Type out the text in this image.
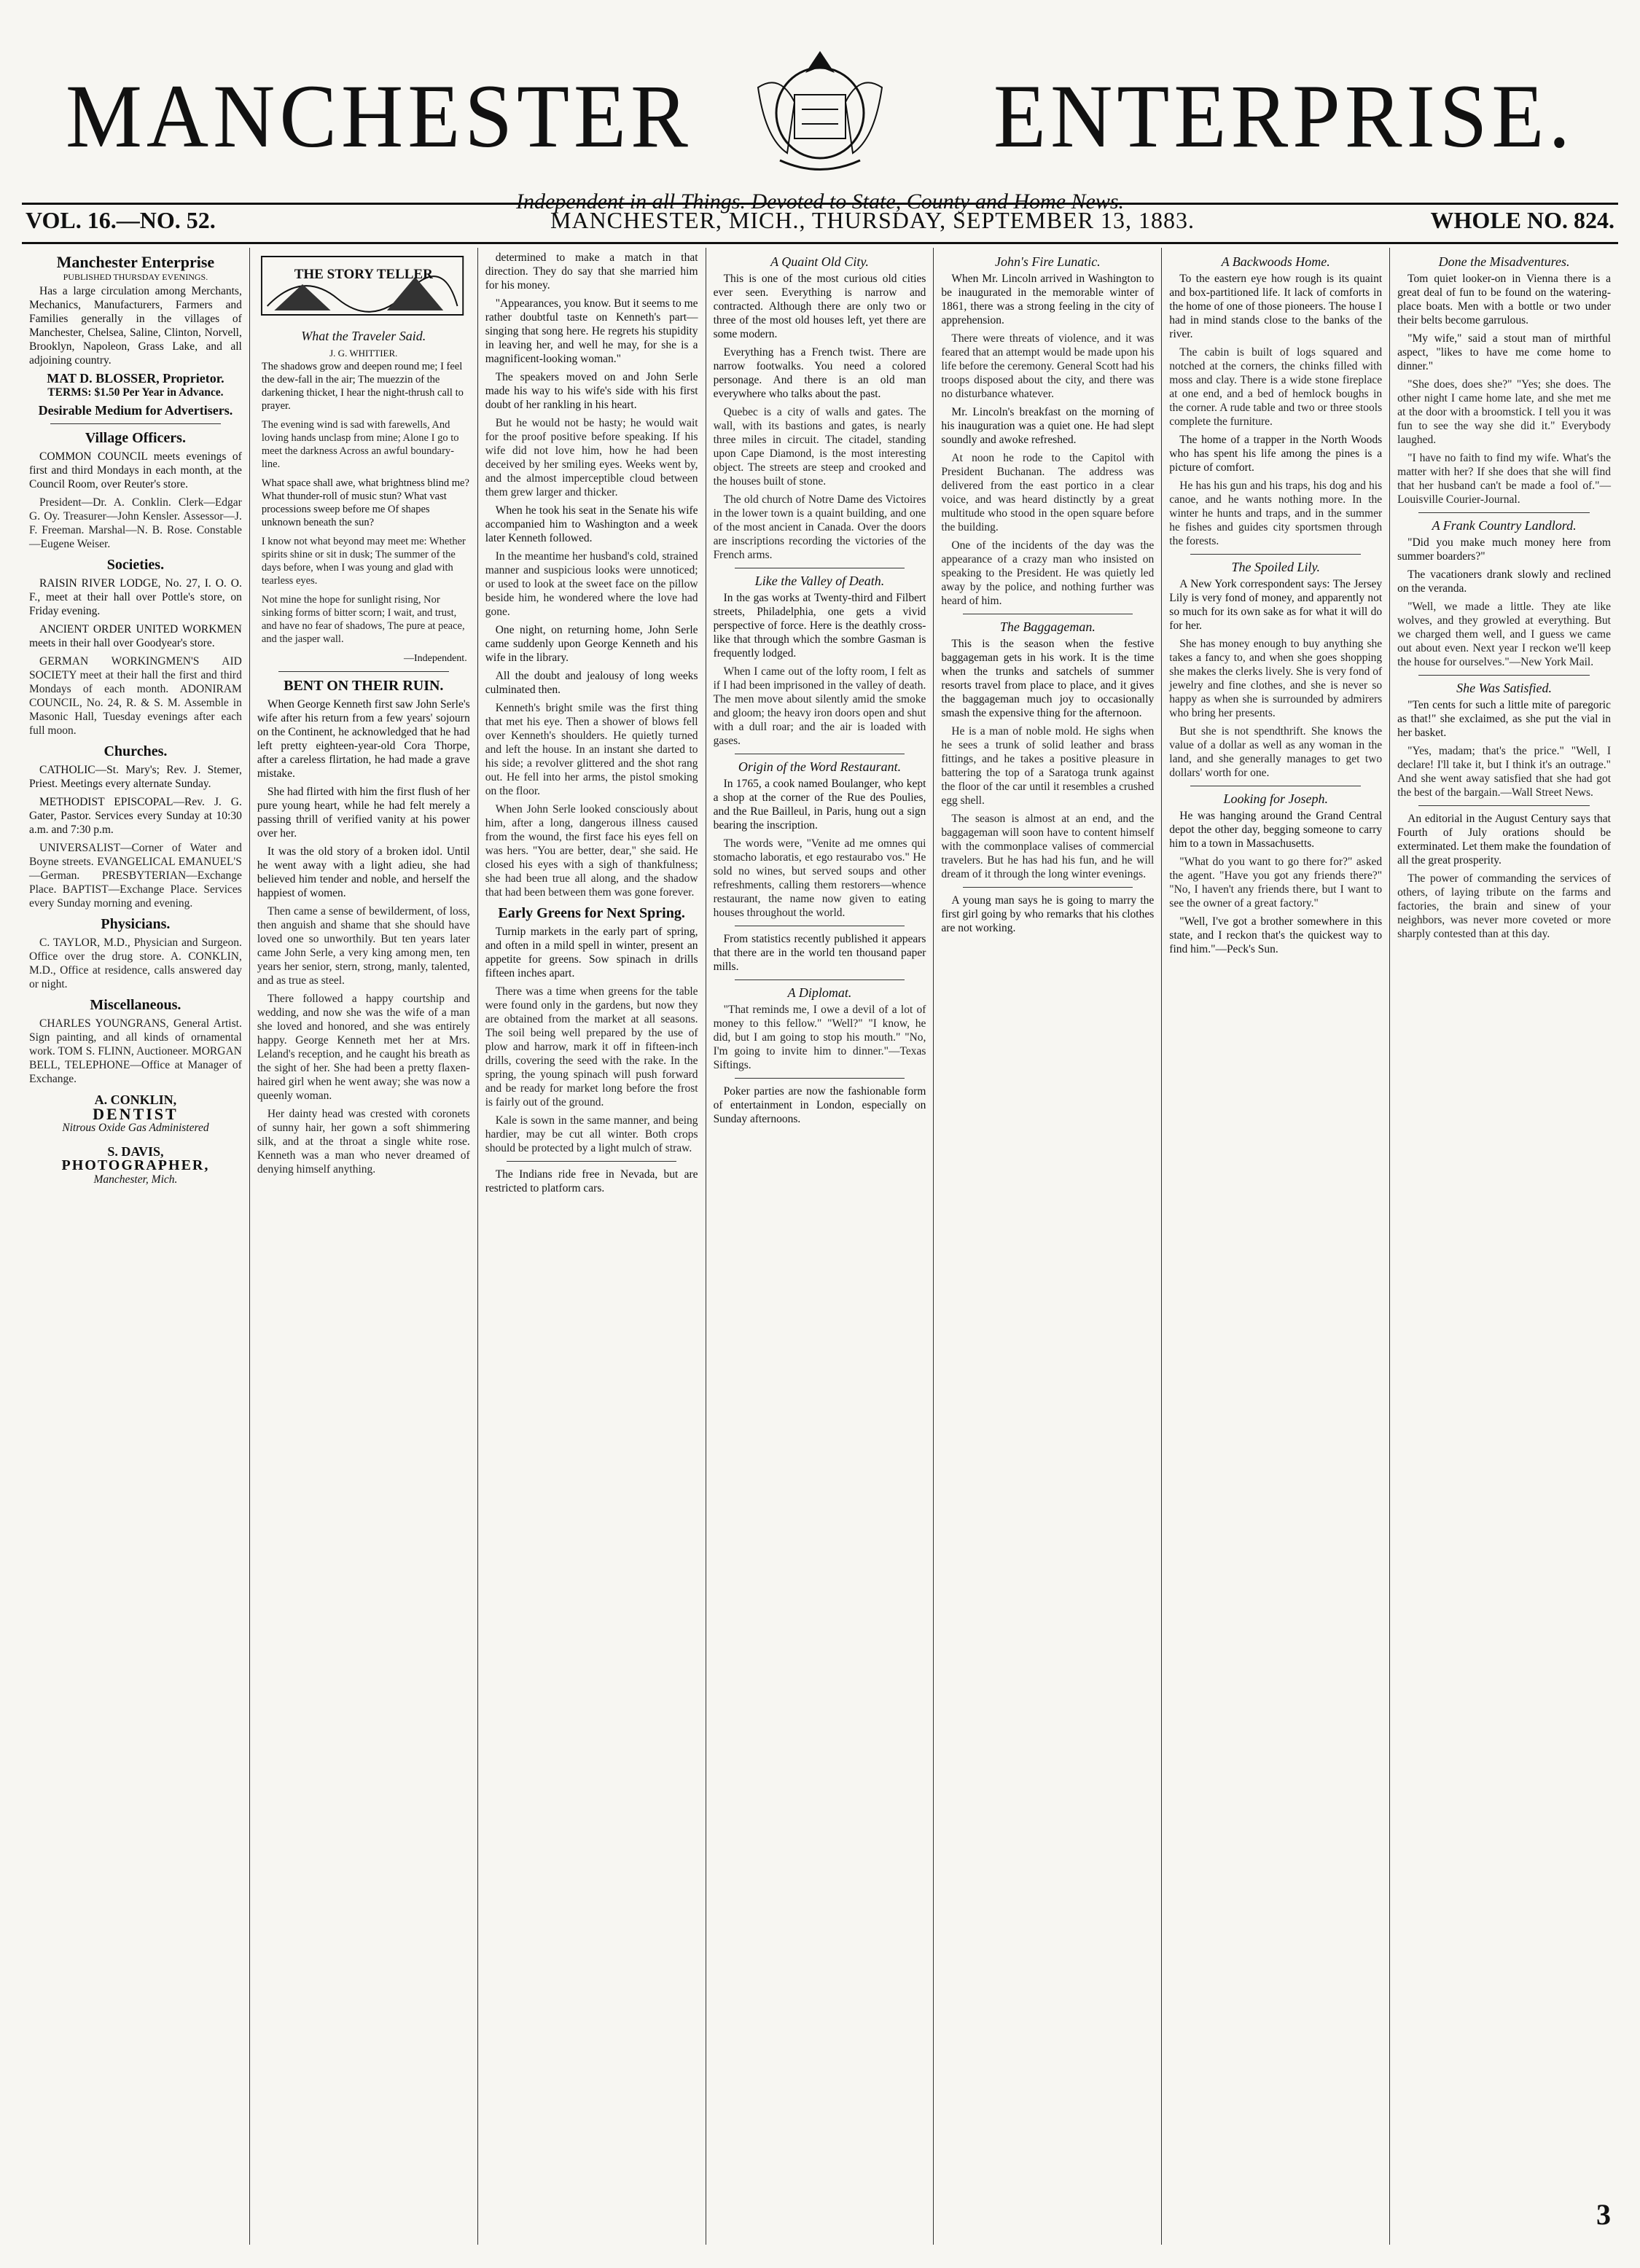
MANCHESTER	ENTERPRISE.
Independent in all Things. Devoted to State, County and Home News.
VOL. 16.—NO. 52.	MANCHESTER, MICH., THURSDAY, SEPTEMBER 13, 1883.	WHOLE NO. 824.
Manchester Enterprise
PUBLISHED THURSDAY EVENINGS.

Has a large circulation among Merchants, Mechanics, Manufacturers, Farmers and Families generally in the villages of Manchester, Chelsea, Saline, Clinton, Norvell, Brooklyn, Napoleon, Grass Lake, and all adjoining country.

MAT D. BLOSSER, Proprietor.
TERMS: $1.50 Per Year in Advance.
Desirable Medium for Advertisers.
Village Officers.

COMMON COUNCIL meets evenings of first and third Mondays in each month, at the Council Room, over Reuter's store.

President—Dr. A. Conklin. Clerk—Edgar G. Oy. Treasurer—John Kensler. Assessor—J. F. Freeman. Marshal—N. B. Rose. Constable—Eugene Weiser.

Societies.

RAISIN RIVER LODGE, No. 27, I. O. O. F., meet at their hall over Pottle's store, on Friday evening.

ANCIENT ORDER UNITED WORKMEN meets in their hall over Goodyear's store.

GERMAN WORKINGMEN'S AID SOCIETY meet at their hall the first and third Mondays of each month. ADONIRAM COUNCIL, No. 24, R. & S. M. Assemble in Masonic Hall, Tuesday evenings after each full moon.

Churches.

CATHOLIC—St. Mary's; Rev. J. Stemer, Priest. Meetings every alternate Sunday.

METHODIST EPISCOPAL—Rev. J. G. Gater, Pastor. Services every Sunday at 10:30 a.m. and 7:30 p.m.

UNIVERSALIST—Corner of Water and Boyne streets. EVANGELICAL EMANUEL'S—German. PRESBYTERIAN—Exchange Place. BAPTIST—Exchange Place. Services every Sunday morning and evening.

Physicians.

C. TAYLOR, M.D., Physician and Surgeon. Office over the drug store. A. CONKLIN, M.D., Office at residence, calls answered day or night.

Miscellaneous.

CHARLES YOUNGRANS, General Artist. Sign painting, and all kinds of ornamental work. TOM S. FLINN, Auctioneer. MORGAN BELL, TELEPHONE—Office at Manager of Exchange.

A. CONKLIN,
DENTIST
Nitrous Oxide Gas Administered
S. DAVIS,
PHOTOGRAPHER,
Manchester, Mich.
THE STORY TELLER
What the Traveler Said.
J. G. WHITTIER.

The shadows grow and deepen round me; I feel the dew-fall in the air; The muezzin of the darkening thicket, I hear the night-thrush call to prayer.

The evening wind is sad with farewells, And loving hands unclasp from mine; Alone I go to meet the darkness Across an awful boundary-line.

What space shall awe, what brightness blind me? What thunder-roll of music stun? What vast processions sweep before me Of shapes unknown beneath the sun?

I know not what beyond may meet me: Whether spirits shine or sit in dusk; The summer of the days before, when I was young and glad with tearless eyes.

Not mine the hope for sunlight rising, Nor sinking forms of bitter scorn; I wait, and trust, and have no fear of shadows, The pure at peace, and the jasper wall.

—Independent.
BENT ON THEIR RUIN.

When George Kenneth first saw John Serle's wife after his return from a few years' sojourn on the Continent, he acknowledged that he had left pretty eighteen-year-old Cora Thorpe, after a careless flirtation, he had made a grave mistake.

She had flirted with him the first flush of her pure young heart, while he had felt merely a passing thrill of verified vanity at his power over her.

It was the old story of a broken idol. Until he went away with a light adieu, she had believed him tender and noble, and herself the happiest of women.

Then came a sense of bewilderment, of loss, then anguish and shame that she should have loved one so unworthily. But ten years later came John Serle, a very king among men, ten years her senior, stern, strong, manly, talented, and as true as steel.

There followed a happy courtship and wedding, and now she was the wife of a man she loved and honored, and she was entirely happy. George Kenneth met her at Mrs. Leland's reception, and he caught his breath as the sight of her. She had been a pretty flaxen-haired girl when he went away; she was now a queenly woman.

Her dainty head was crested with coronets of sunny hair, her gown a soft shimmering silk, and at the throat a single white rose. Kenneth was a man who never dreamed of denying himself anything.

determined to make a match in that direction. They do say that she married him for his money.

"Appearances, you know. But it seems to me rather doubtful taste on Kenneth's part—singing that song here. He regrets his stupidity in leaving her, and well he may, for she is a magnificent-looking woman."

The speakers moved on and John Serle made his way to his wife's side with his first doubt of her rankling in his heart.

But he would not be hasty; he would wait for the proof positive before speaking. If his wife did not love him, how he had been deceived by her smiling eyes. Weeks went by, and the almost imperceptible cloud between them grew larger and thicker.

When he took his seat in the Senate his wife accompanied him to Washington and a week later Kenneth followed.

In the meantime her husband's cold, strained manner and suspicious looks were unnoticed; or used to look at the sweet face on the pillow beside him, he wondered where the love had gone.

One night, on returning home, John Serle came suddenly upon George Kenneth and his wife in the library.

All the doubt and jealousy of long weeks culminated then.

Kenneth's bright smile was the first thing that met his eye. Then a shower of blows fell over Kenneth's shoulders. He quietly turned and left the house. In an instant she darted to his side; a revolver glittered and the shot rang out. He fell into her arms, the pistol smoking on the floor.

When John Serle looked consciously about him, after a long, dangerous illness caused from the wound, the first face his eyes fell on was hers. "You are better, dear," she said. He closed his eyes with a sigh of thankfulness; she had been true all along, and the shadow that had been between them was gone forever.

Early Greens for Next Spring.

Turnip markets in the early part of spring, and often in a mild spell in winter, present an appetite for greens. Sow spinach in drills fifteen inches apart.

There was a time when greens for the table were found only in the gardens, but now they are obtained from the market at all seasons. The soil being well prepared by the use of plow and harrow, mark it off in fifteen-inch drills, covering the seed with the rake. In the spring, the young spinach will push forward and be ready for market long before the frost is fairly out of the ground.

Kale is sown in the same manner, and being hardier, may be cut all winter. Both crops should be protected by a light mulch of straw.

The Indians ride free in Nevada, but are restricted to platform cars.

A Quaint Old City.

This is one of the most curious old cities ever seen. Everything is narrow and contracted. Although there are only two or three of the most old houses left, yet there are some modern.

Everything has a French twist. There are narrow footwalks. You need a colored personage. And there is an old man everywhere who talks about the past.

Quebec is a city of walls and gates. The wall, with its bastions and gates, is nearly three miles in circuit. The citadel, standing upon Cape Diamond, is the most interesting object. The streets are steep and crooked and the houses built of stone.

The old church of Notre Dame des Victoires in the lower town is a quaint building, and one of the most ancient in Canada. Over the doors are inscriptions recording the victories of the French arms.

Like the Valley of Death.

In the gas works at Twenty-third and Filbert streets, Philadelphia, one gets a vivid perspective of force. Here is the deathly cross-like that through which the sombre Gasman is frequently lodged.

When I came out of the lofty room, I felt as if I had been imprisoned in the valley of death. The men move about silently amid the smoke and gloom; the heavy iron doors open and shut with a dull roar; and the air is loaded with gases.

Origin of the Word Restaurant.

In 1765, a cook named Boulanger, who kept a shop at the corner of the Rue des Poulies, and the Rue Bailleul, in Paris, hung out a sign bearing the inscription.

The words were, "Venite ad me omnes qui stomacho laboratis, et ego restaurabo vos." He sold no wines, but served soups and other refreshments, calling them restorers—whence restaurant, the name now given to eating houses throughout the world.

From statistics recently published it appears that there are in the world ten thousand paper mills.

A Diplomat.

"That reminds me, I owe a devil of a lot of money to this fellow." "Well?" "I know, he did, but I am going to stop his mouth." "No, I'm going to invite him to dinner."—Texas Siftings.

Poker parties are now the fashionable form of entertainment in London, especially on Sunday afternoons.

John's Fire Lunatic.

When Mr. Lincoln arrived in Washington to be inaugurated in the memorable winter of 1861, there was a strong feeling in the city of apprehension.

There were threats of violence, and it was feared that an attempt would be made upon his life before the ceremony. General Scott had his troops disposed about the city, and there was no disturbance whatever.

Mr. Lincoln's breakfast on the morning of his inauguration was a quiet one. He had slept soundly and awoke refreshed.

At noon he rode to the Capitol with President Buchanan. The address was delivered from the east portico in a clear voice, and was heard distinctly by a great multitude who stood in the open square before the building.

One of the incidents of the day was the appearance of a crazy man who insisted on speaking to the President. He was quietly led away by the police, and nothing further was heard of him.

The Baggageman.

This is the season when the festive baggageman gets in his work. It is the time when the trunks and satchels of summer resorts travel from place to place, and it gives the baggageman much joy to occasionally smash the expensive thing for the afternoon.

He is a man of noble mold. He sighs when he sees a trunk of solid leather and brass fittings, and he takes a positive pleasure in battering the top of a Saratoga trunk against the floor of the car until it resembles a crushed egg shell.

The season is almost at an end, and the baggageman will soon have to content himself with the commonplace valises of commercial travelers. But he has had his fun, and he will dream of it through the long winter evenings.

A young man says he is going to marry the first girl going by who remarks that his clothes are not working.

A Backwoods Home.

To the eastern eye how rough is its quaint and box-partitioned life. It lack of comforts in the home of one of those pioneers. The house I had in mind stands close to the banks of the river.

The cabin is built of logs squared and notched at the corners, the chinks filled with moss and clay. There is a wide stone fireplace at one end, and a bed of hemlock boughs in the corner. A rude table and two or three stools complete the furniture.

The home of a trapper in the North Woods who has spent his life among the pines is a picture of comfort.

He has his gun and his traps, his dog and his canoe, and he wants nothing more. In the winter he hunts and traps, and in the summer he fishes and guides city sportsmen through the forests.

The Spoiled Lily.

A New York correspondent says: The Jersey Lily is very fond of money, and apparently not so much for its own sake as for what it will do for her.

She has money enough to buy anything she takes a fancy to, and when she goes shopping she makes the clerks lively. She is very fond of jewelry and fine clothes, and she is never so happy as when she is surrounded by admirers who bring her presents.

But she is not spendthrift. She knows the value of a dollar as well as any woman in the land, and she generally manages to get two dollars' worth for one.

Looking for Joseph.

He was hanging around the Grand Central depot the other day, begging someone to carry him to a town in Massachusetts.

"What do you want to go there for?" asked the agent. "Have you got any friends there?" "No, I haven't any friends there, but I want to see the owner of a great factory."

"Well, I've got a brother somewhere in this state, and I reckon that's the quickest way to find him."—Peck's Sun.

Done the Misadventures.

Tom quiet looker-on in Vienna there is a great deal of fun to be found on the watering-place boats. Men with a bottle or two under their belts become garrulous.

"My wife," said a stout man of mirthful aspect, "likes to have me come home to dinner."

"She does, does she?" "Yes; she does. The other night I came home late, and she met me at the door with a broomstick. I tell you it was fun to see the way she did it." Everybody laughed.

"I have no faith to find my wife. What's the matter with her? If she does that she will find that her husband can't be made a fool of."—Louisville Courier-Journal.

A Frank Country Landlord.

"Did you make much money here from summer boarders?"

The vacationers drank slowly and reclined on the veranda.

"Well, we made a little. They ate like wolves, and they growled at everything. But we charged them well, and I guess we came out about even. Next year I reckon we'll keep the house for ourselves."—New York Mail.

She Was Satisfied.

"Ten cents for such a little mite of paregoric as that!" she exclaimed, as she put the vial in her basket.

"Yes, madam; that's the price." "Well, I declare! I'll take it, but I think it's an outrage." And she went away satisfied that she had got the best of the bargain.—Wall Street News.

An editorial in the August Century says that Fourth of July orations should be exterminated. Let them make the foundation of all the great prosperity.

The power of commanding the services of others, of laying tribute on the farms and factories, the brain and sinew of your neighbors, was never more coveted or more sharply contested than at this day.

3
